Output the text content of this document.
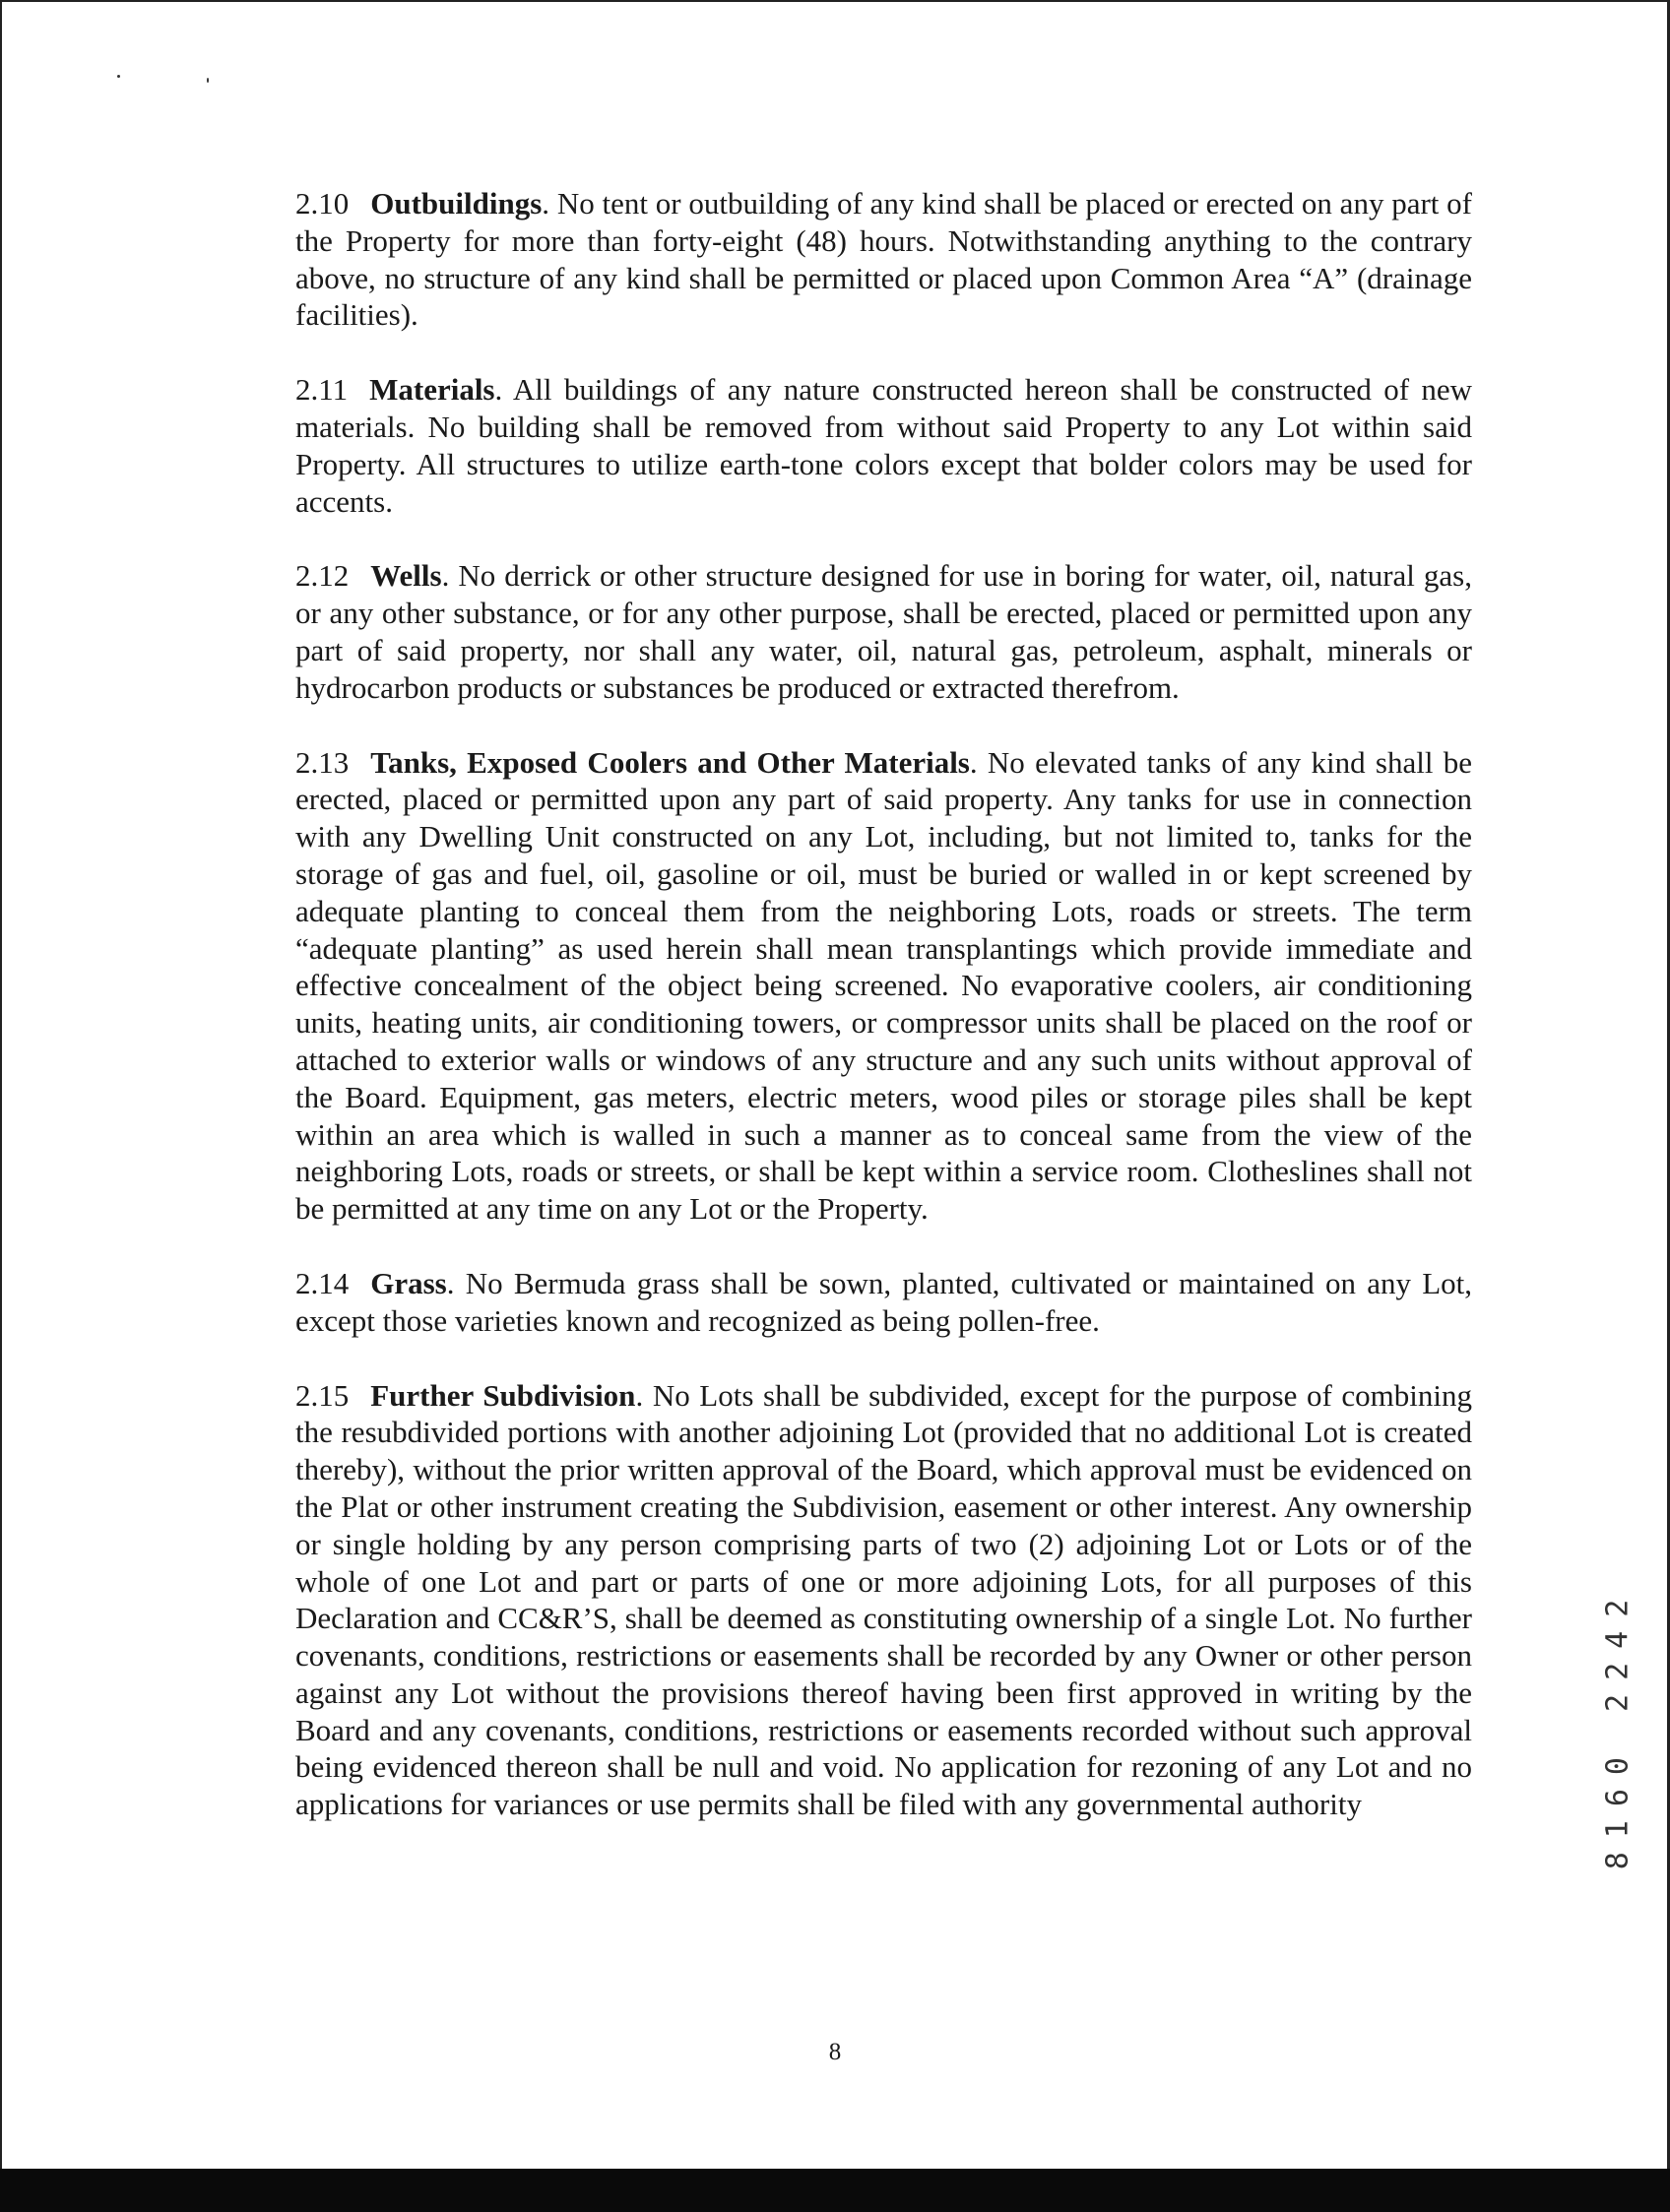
2.10 Outbuildings. No tent or outbuilding of any kind shall be placed or erected on any part of the Property for more than forty-eight (48) hours. Notwithstanding anything to the contrary above, no structure of any kind shall be permitted or placed upon Common Area “A” (drainage facilities).

2.11 Materials. All buildings of any nature constructed hereon shall be constructed of new materials. No building shall be removed from without said Property to any Lot within said Property. All structures to utilize earth-tone colors except that bolder colors may be used for accents.

2.12 Wells. No derrick or other structure designed for use in boring for water, oil, natural gas, or any other substance, or for any other purpose, shall be erected, placed or permitted upon any part of said property, nor shall any water, oil, natural gas, petroleum, asphalt, minerals or hydrocarbon products or substances be produced or extracted therefrom.

2.13 Tanks, Exposed Coolers and Other Materials. No elevated tanks of any kind shall be erected, placed or permitted upon any part of said property. Any tanks for use in connection with any Dwelling Unit constructed on any Lot, including, but not limited to, tanks for the storage of gas and fuel, oil, gasoline or oil, must be buried or walled in or kept screened by adequate planting to conceal them from the neighboring Lots, roads or streets. The term “adequate planting” as used herein shall mean transplantings which provide immediate and effective concealment of the object being screened. No evaporative coolers, air conditioning units, heating units, air conditioning towers, or compressor units shall be placed on the roof or attached to exterior walls or windows of any structure and any such units without approval of the Board. Equipment, gas meters, electric meters, wood piles or storage piles shall be kept within an area which is walled in such a manner as to conceal same from the view of the neighboring Lots, roads or streets, or shall be kept within a service room. Clotheslines shall not be permitted at any time on any Lot or the Property.

2.14 Grass. No Bermuda grass shall be sown, planted, cultivated or maintained on any Lot, except those varieties known and recognized as being pollen-free.

2.15 Further Subdivision. No Lots shall be subdivided, except for the purpose of combining the resubdivided portions with another adjoining Lot (provided that no additional Lot is created thereby), without the prior written approval of the Board, which approval must be evidenced on the Plat or other instrument creating the Subdivision, easement or other interest. Any ownership or single holding by any person comprising parts of two (2) adjoining Lot or Lots or of the whole of one Lot and part or parts of one or more adjoining Lots, for all purposes of this Declaration and CC&R’S, shall be deemed as constituting ownership of a single Lot. No further covenants, conditions, restrictions or easements shall be recorded by any Owner or other person against any Lot without the provisions thereof having been first approved in writing by the Board and any covenants, conditions, restrictions or easements recorded without such approval being evidenced thereon shall be null and void. No application for rezoning of any Lot and no applications for variances or use permits shall be filed with any governmental authority

8
8160 2242
